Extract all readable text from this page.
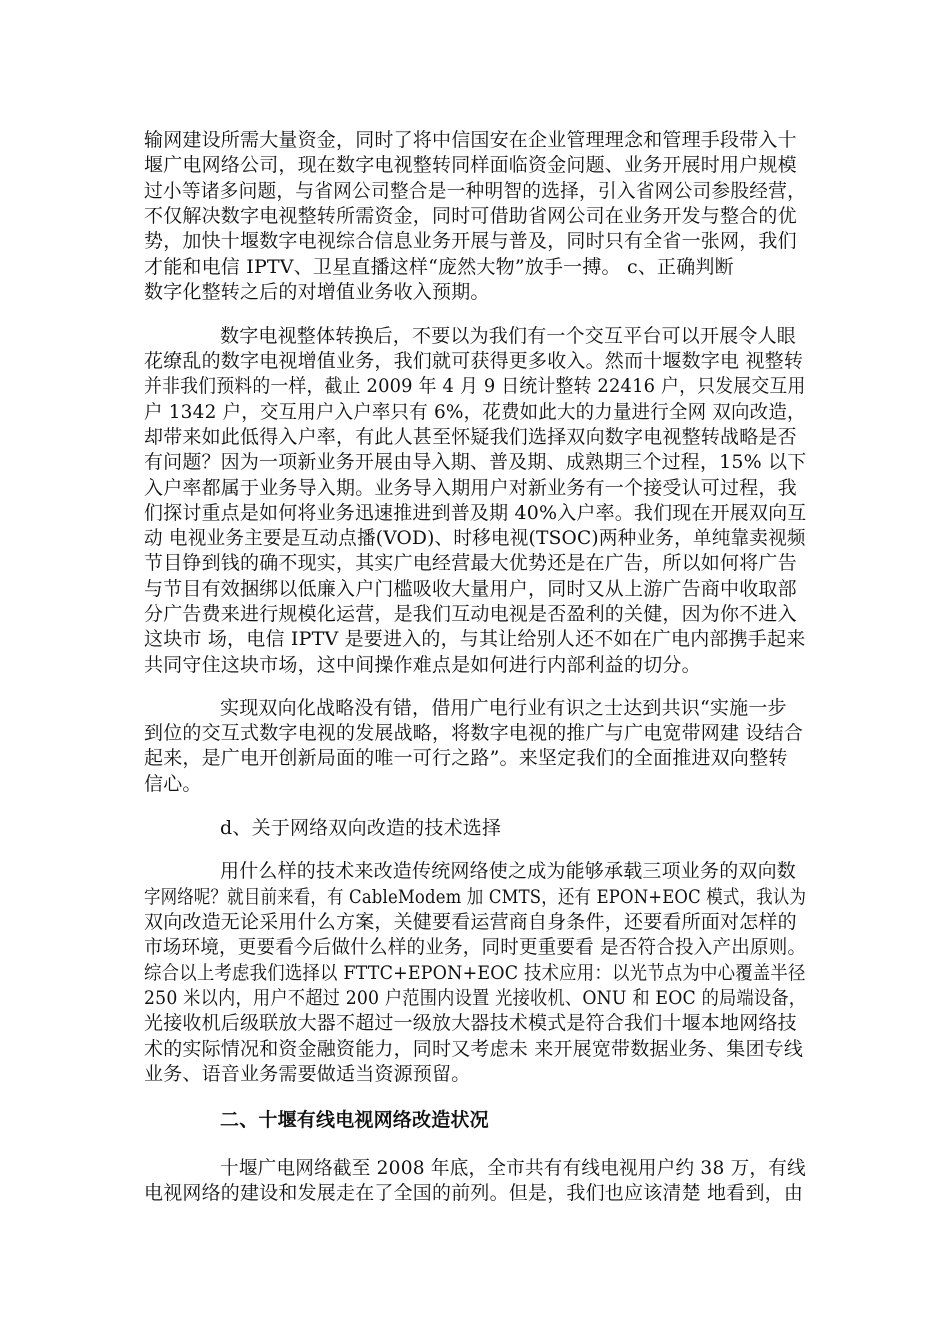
输网建设所需大量资金，同时了将中信国安在企业管理理念和管理手段带入十
堰广电网络公司，现在数字电视整转同样面临资金问题、业务开展时用户规模
过小等诸多问题，与省网公司整合是一种明智的选择，引入省网公司参股经营，
不仅解决数字电视整转所需资金，同时可借助省网公司在业务开发与整合的优
势，加快十堰数字电视综合信息业务开展与普及，同时只有全省一张网，我们
才能和电信 IPTV、卫星直播这样“庞然大物”放手一搏。 c、正确判断
数字化整转之后的对增值业务收入预期。
数字电视整体转换后，不要以为我们有一个交互平台可以开展令人眼
花缭乱的数字电视增值业务，我们就可获得更多收入。然而十堰数字电 视整转
并非我们预料的一样，截止 2009 年 4 月 9 日统计整转 22416 户，只发展交互用
户 1342 户，交互用户入户率只有 6%，花费如此大的力量进行全网 双向改造，
却带来如此低得入户率，有此人甚至怀疑我们选择双向数字电视整转战略是否
有问题？因为一项新业务开展由导入期、普及期、成熟期三个过程，15% 以下
入户率都属于业务导入期。业务导入期用户对新业务有一个接受认可过程，我
们探讨重点是如何将业务迅速推进到普及期 40%入户率。我们现在开展双向互
动 电视业务主要是互动点播(VOD)、时移电视(TSOC)两种业务，单纯靠卖视频
节目铮到钱的确不现实，其实广电经营最大优势还是在广告，所以如何将广告
与节目有效捆绑以低廉入户门槛吸收大量用户，同时又从上游广告商中收取部
分广告费来进行规模化运营，是我们互动电视是否盈利的关健，因为你不进入
这块市 场，电信 IPTV 是要进入的，与其让给别人还不如在广电内部携手起来
共同守住这块市场，这中间操作难点是如何进行内部利益的切分。
实现双向化战略没有错，借用广电行业有识之士达到共识“实施一步
到位的交互式数字电视的发展战略，将数字电视的推广与广电宽带网建 设结合
起来，是广电开创新局面的唯一可行之路”。来坚定我们的全面推进双向整转
信心。
d、关于网络双向改造的技术选择
用什么样的技术来改造传统网络使之成为能够承载三项业务的双向数
字网络呢？就目前来看，有 CableModem 加 CMTS，还有 EPON+EOC 模式，我认为
双向改造无论采用什么方案，关健要看运营商自身条件，还要看所面对怎样的
市场环境，更要看今后做什么样的业务，同时更重要看 是否符合投入产出原则。
综合以上考虑我们选择以 FTTC+EPON+EOC 技术应用：以光节点为中心覆盖半径
250 米以内，用户不超过 200 户范围内设置 光接收机、ONU 和 EOC 的局端设备，
光接收机后级联放大器不超过一级放大器技术模式是符合我们十堰本地网络技
术的实际情况和资金融资能力，同时又考虑未 来开展宽带数据业务、集团专线
业务、语音业务需要做适当资源预留。
二、十堰有线电视网络改造状况
十堰广电网络截至 2008 年底，全市共有有线电视用户约 38 万，有线
电视网络的建设和发展走在了全国的前列。但是，我们也应该清楚 地看到，由
